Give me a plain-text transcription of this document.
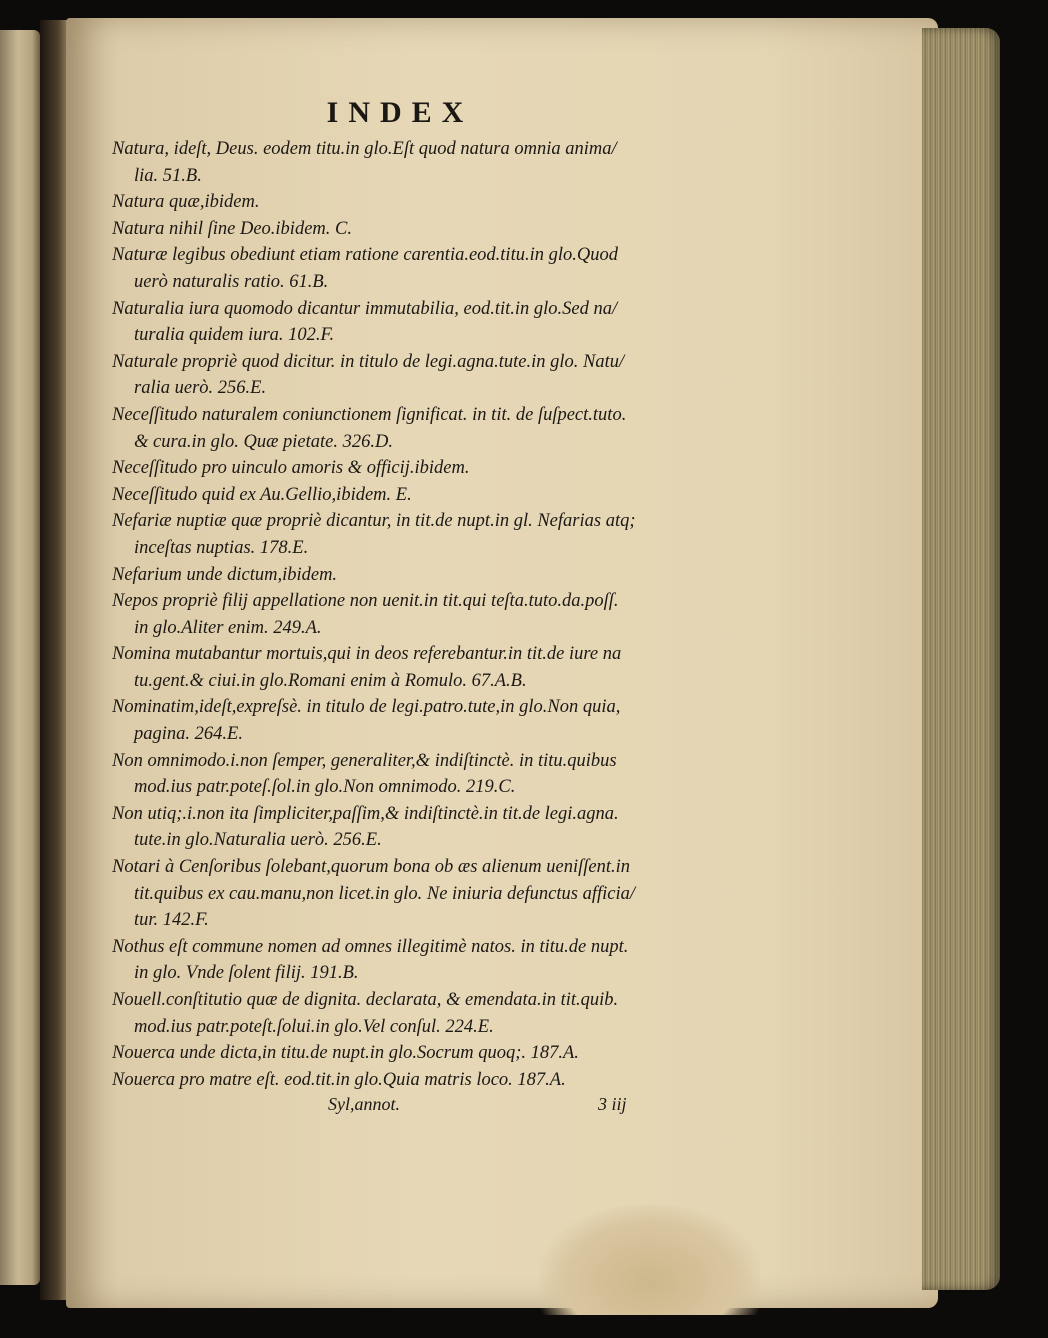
INDEX
Natura, ideſt, Deus. eodem titu.in glo.Eſt quod natura omnia anima/
lia. 51.B.
Natura quæ,ibidem.
Natura nihil ſine Deo.ibidem. C.
Naturæ legibus obediunt etiam ratione carentia.eod.titu.in glo.Quod
uerò naturalis ratio. 61.B.
Naturalia iura quomodo dicantur immutabilia, eod.tit.in glo.Sed na/
turalia quidem iura. 102.F.
Naturale propriè quod dicitur. in titulo de legi.agna.tute.in glo. Natu/
ralia uerò. 256.E.
Neceſſitudo naturalem coniunctionem ſignificat. in tit. de ſuſpect.tuto.
& cura.in glo. Quæ pietate. 326.D.
Neceſſitudo pro uinculo amoris & officij.ibidem.
Neceſſitudo quid ex Au.Gellio,ibidem. E.
Nefariæ nuptiæ quæ propriè dicantur, in tit.de nupt.in gl. Nefarias atq;
inceſtas nuptias. 178.E.
Nefarium unde dictum,ibidem.
Nepos propriè filij appellatione non uenit.in tit.qui teſta.tuto.da.poſſ.
in glo.Aliter enim. 249.A.
Nomina mutabantur mortuis,qui in deos referebantur.in tit.de iure na
tu.gent.& ciui.in glo.Romani enim à Romulo. 67.A.B.
Nominatim,ideſt,expreſsè. in titulo de legi.patro.tute,in glo.Non quia,
pagina. 264.E.
Non omnimodo.i.non ſemper, generaliter,& indiſtinctè. in titu.quibus
mod.ius patr.poteſ.ſol.in glo.Non omnimodo. 219.C.
Non utiq;.i.non ita ſimpliciter,paſſim,& indiſtinctè.in tit.de legi.agna.
tute.in glo.Naturalia uerò. 256.E.
Notari à Cenſoribus ſolebant,quorum bona ob æs alienum ueniſſent.in
tit.quibus ex cau.manu,non licet.in glo. Ne iniuria defunctus afficia/
tur. 142.F.
Nothus eſt commune nomen ad omnes illegitimè natos. in titu.de nupt.
in glo. Vnde ſolent filij. 191.B.
Nouell.conſtitutio quæ de dignita. declarata, & emendata.in tit.quib.
mod.ius patr.poteſt.ſolui.in glo.Vel conſul. 224.E.
Nouerca unde dicta,in titu.de nupt.in glo.Socrum quoq;. 187.A.
Nouerca pro matre eſt. eod.tit.in glo.Quia matris loco. 187.A.
Syl,annot.	3 iij
